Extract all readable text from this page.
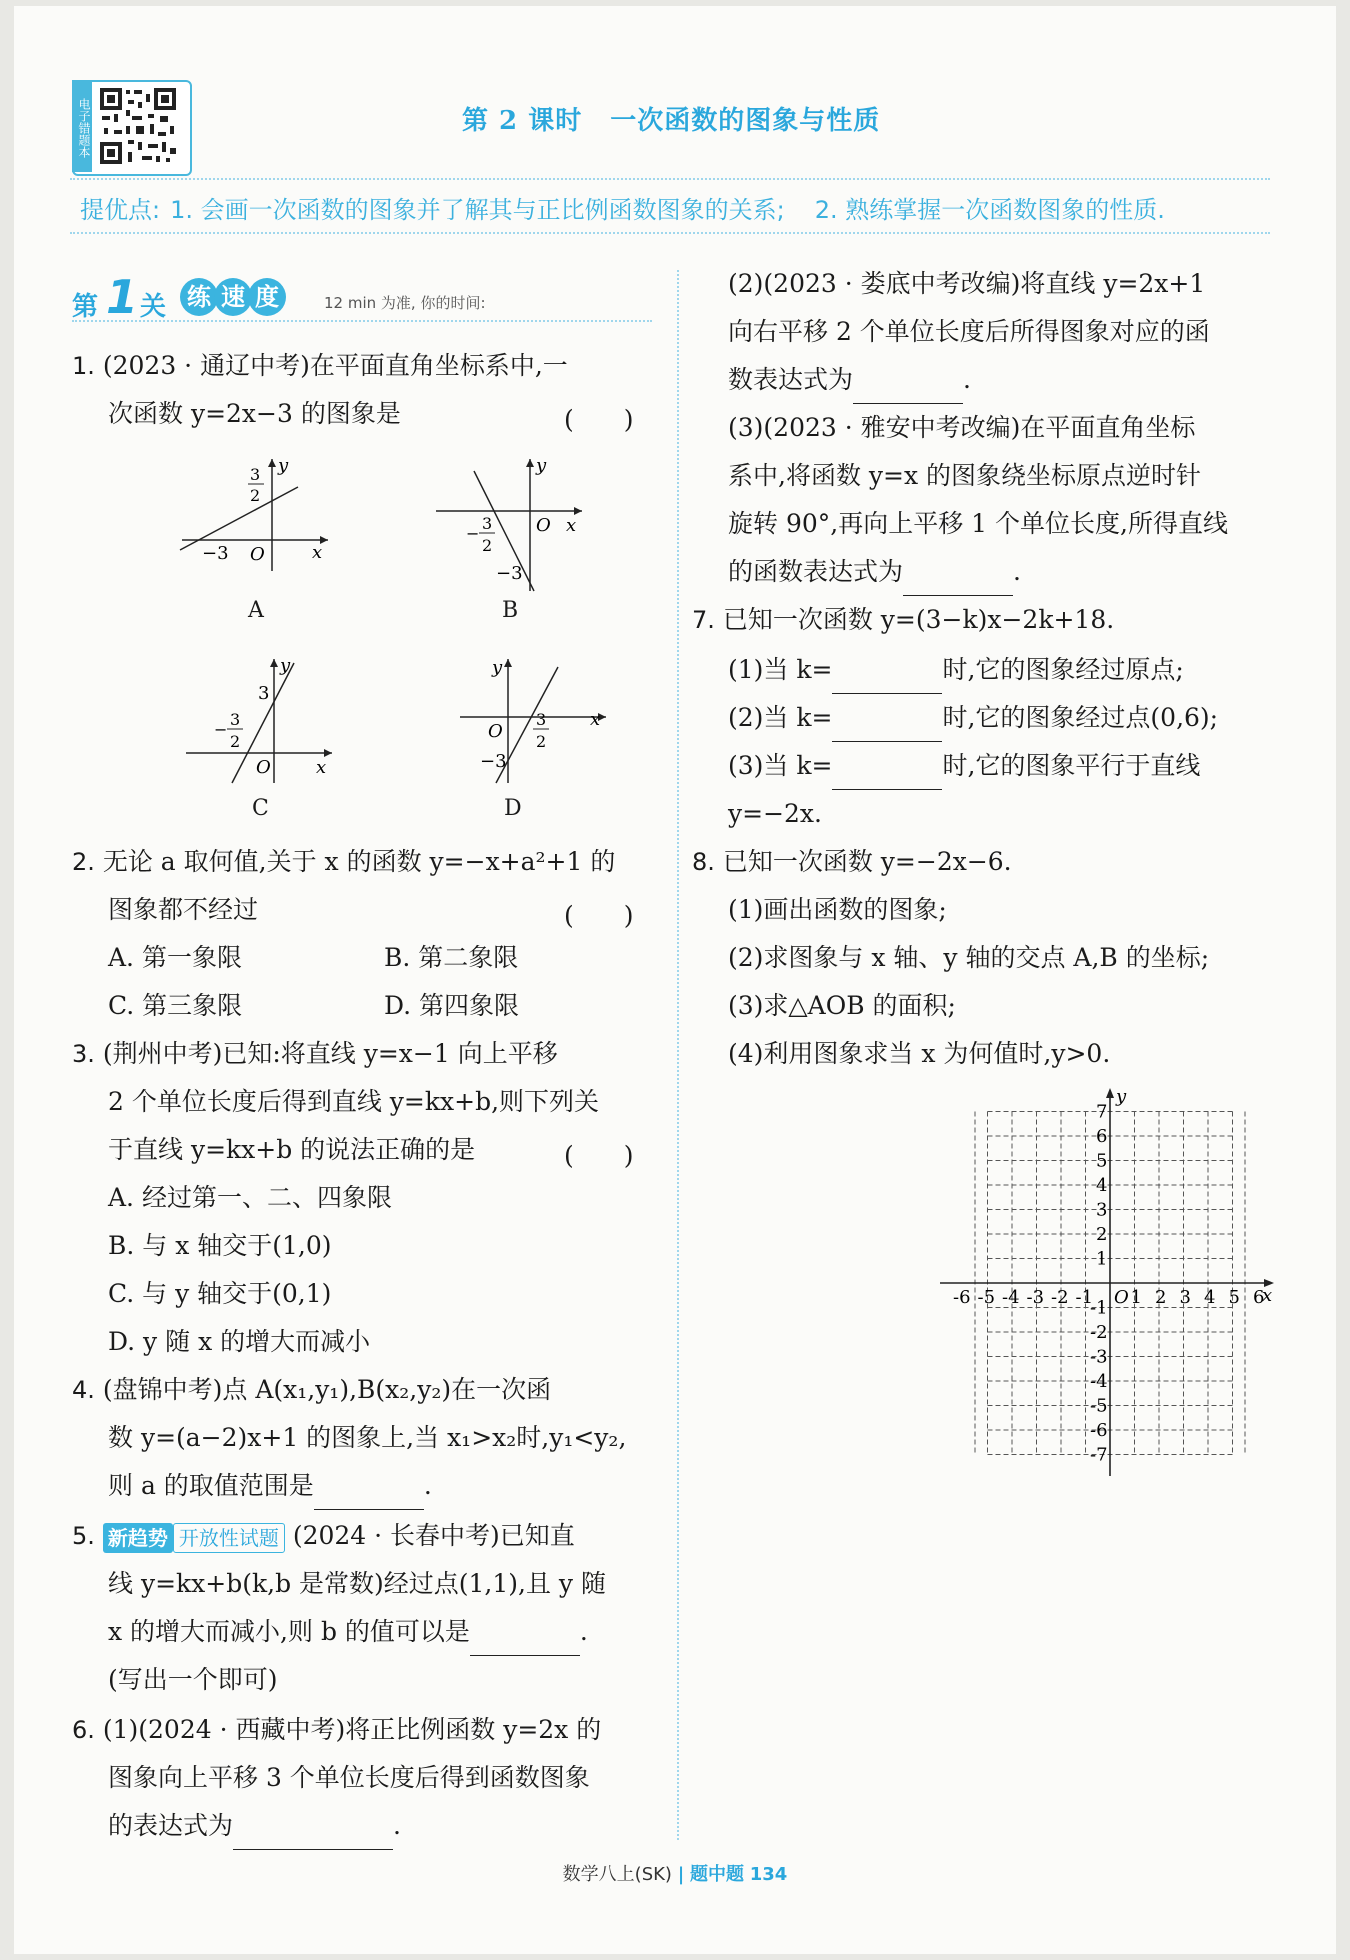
电子错题本	第 2 课时 一次函数的图象与性质
提优点: 1. 会画一次函数的图象并了解其与正比例函数图象的关系; 2. 熟练掌握一次函数图象的性质.
第 1 关 练 速 度	12 min 为准, 你的时间:
1. (2023 · 通辽中考)在平面直角坐标系中,一
次函数 y=2x−3 的图象是	(　　)
y
x
O
−3
3
2
A
y
x
O
−
3
2
−3
B
y
x
O
3
−
3
2
C
y
x
O
3
2
−3
D
2. 无论 a 取何值,关于 x 的函数 y=−x+a²+1 的
图象都不经过	(　　)
A. 第一象限	B. 第二象限
C. 第三象限	D. 第四象限
3. (荆州中考)已知:将直线 y=x−1 向上平移
2 个单位长度后得到直线 y=kx+b,则下列关
于直线 y=kx+b 的说法正确的是	(　　)
A. 经过第一、二、四象限
B. 与 x 轴交于(1,0)
C. 与 y 轴交于(0,1)
D. y 随 x 的增大而减小
4. (盘锦中考)点 A(x₁,y₁),B(x₂,y₂)在一次函
数 y=(a−2)x+1 的图象上,当 x₁>x₂时,y₁<y₂,
则 a 的取值范围是	.
5. 新趋势 开放性试题 (2024 · 长春中考)已知直
线 y=kx+b(k,b 是常数)经过点(1,1),且 y 随
x 的增大而减小,则 b 的值可以是	.
(写出一个即可)
6. (1)(2024 · 西藏中考)将正比例函数 y=2x 的
图象向上平移 3 个单位长度后得到函数图象
的表达式为	.
(2)(2023 · 娄底中考改编)将直线 y=2x+1
向右平移 2 个单位长度后所得图象对应的函
数表达式为	.
(3)(2023 · 雅安中考改编)在平面直角坐标
系中,将函数 y=x 的图象绕坐标原点逆时针
旋转 90°,再向上平移 1 个单位长度,所得直线
的函数表达式为	.
7. 已知一次函数 y=(3−k)x−2k+18.
(1)当 k=	时,它的图象经过原点;
(2)当 k=	时,它的图象经过点(0,6);
(3)当 k=	时,它的图象平行于直线
y=−2x.
8. 已知一次函数 y=−2x−6.
(1)画出函数的图象;
(2)求图象与 x 轴、y 轴的交点 A,B 的坐标;
(3)求△AOB 的面积;
(4)利用图象求当 x 为何值时,y>0.
y
x
O
-6 -5 -4 -3 -2 -1 1 2 3 4 5 6
7
6
5
4
3
2
1
-1
-2
-3
-4
-5
-6
-7
数学八上(SK) | 题中题 134
